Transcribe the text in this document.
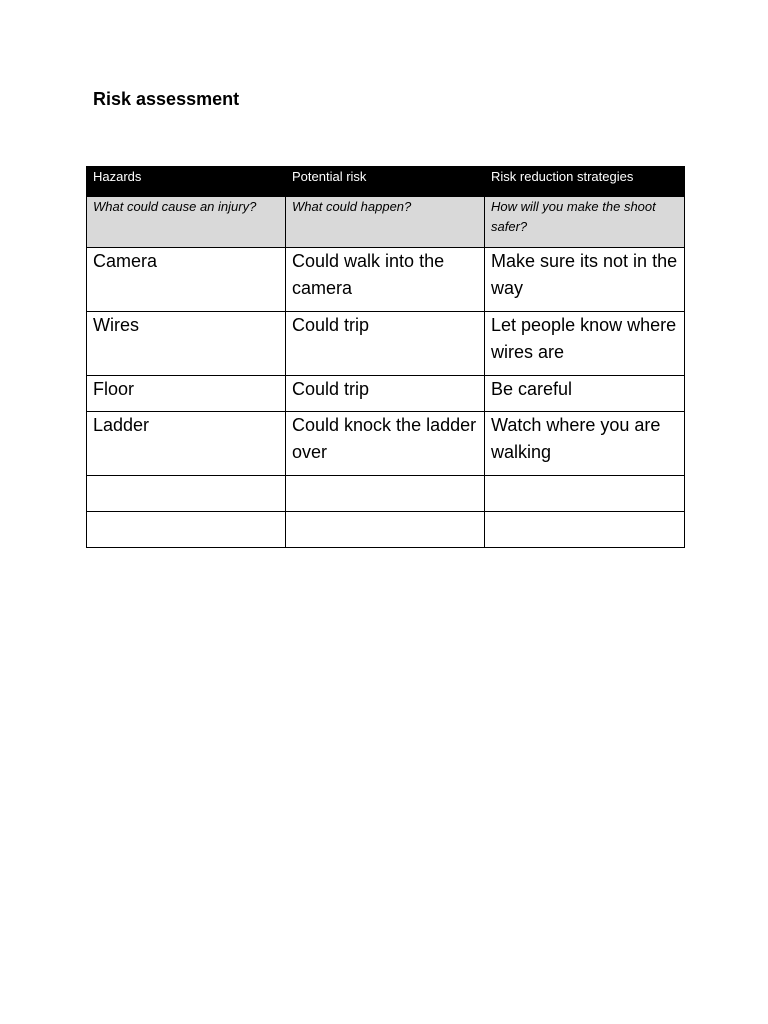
Risk assessment
Hazards	Potential risk	Risk reduction strategies
What could cause an injury?	What could happen?	How will you make the shoot safer?
Camera	Could walk into the camera	Make sure its not in the way
Wires	Could trip	Let people know where wires are
Floor	Could trip	Be careful
Ladder	Could knock the ladder over	Watch where you are walking
